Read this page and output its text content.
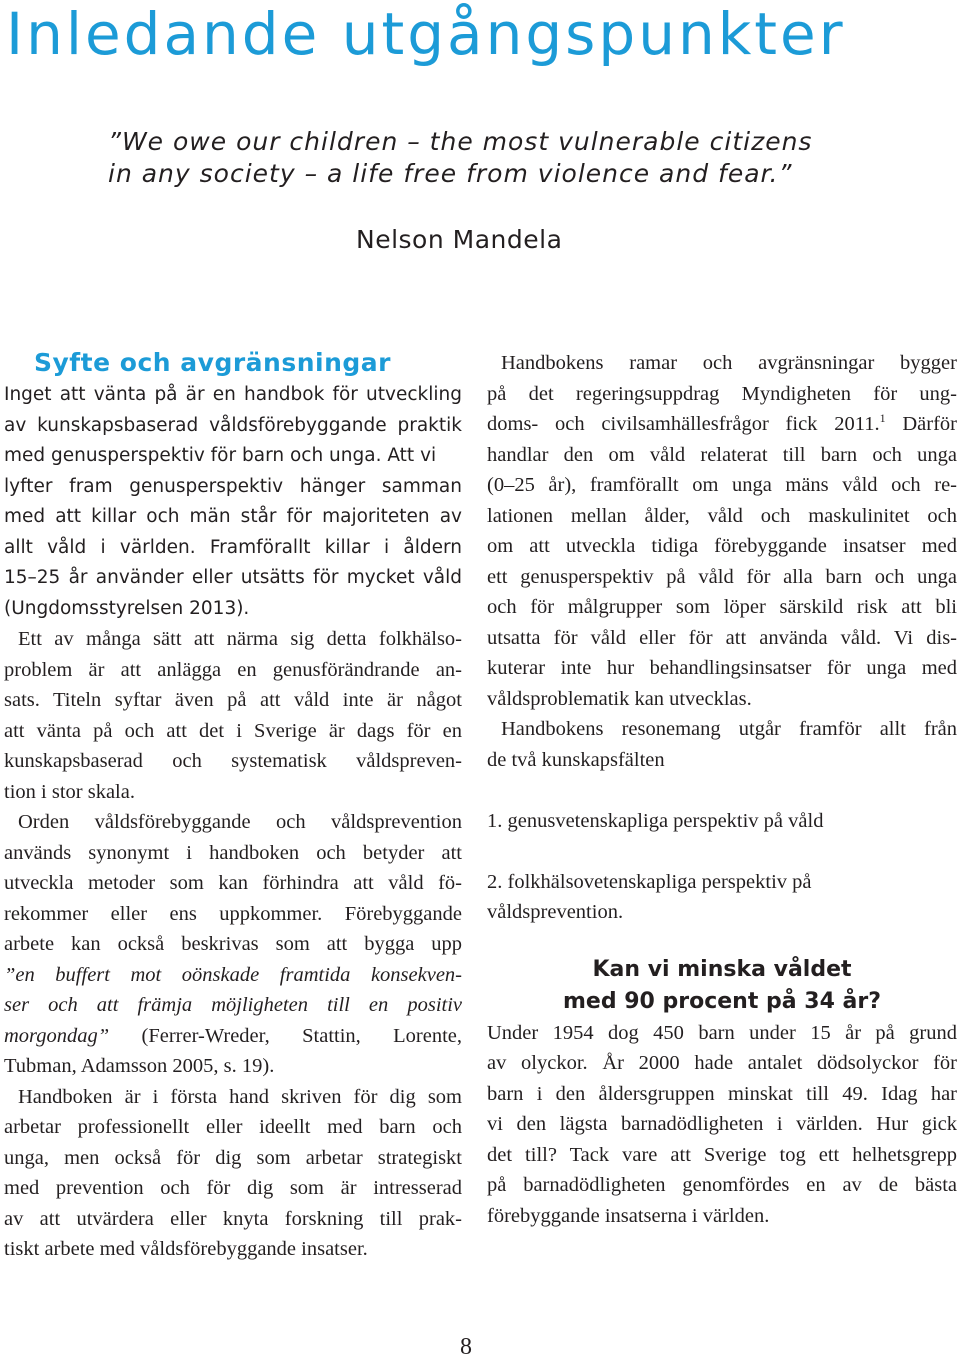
Inledande utgångspunkter
”We owe our children – the most vulnerable citizens
in any society – a life free from violence and fear.”
Nelson Mandela
Syfte och avgränsningar
Inget att vänta på är en handbok för utveckling
av kunskapsbaserad våldsförebyggande praktik
med genusperspektiv för barn och unga. Att vi
lyfter fram genusperspektiv hänger samman
med att killar och män står för majoriteten av
allt våld i världen. Framförallt killar i åldern
15–25 år använder eller utsätts för mycket våld
(Ungdomsstyrelsen 2013).
Ett av många sätt att närma sig detta folkhälso-
problem är att anlägga en genusförändrande an-
sats. Titeln syftar även på att våld inte är något
att vänta på och att det i Sverige är dags för en
kunskapsbaserad och systematisk våldspreven-
tion i stor skala.
Orden våldsförebyggande och våldsprevention
används synonymt i handboken och betyder att
utveckla metoder som kan förhindra att våld fö-
rekommer eller ens uppkommer. Förebyggande
arbete kan också beskrivas som att bygga upp
”en buffert mot oönskade framtida konsekven-
ser och att främja möjligheten till en positiv
morgondag” (Ferrer-Wreder, Stattin, Lorente,
Tubman, Adamsson 2005, s. 19).
Handboken är i första hand skriven för dig som
arbetar professionellt eller ideellt med barn och
unga, men också för dig som arbetar strategiskt
med prevention och för dig som är intresserad
av att utvärdera eller knyta forskning till prak-
tiskt arbete med våldsförebyggande insatser.
Handbokens ramar och avgränsningar bygger
på det regeringsuppdrag Myndigheten för ung-
doms- och civilsamhällesfrågor fick 2011.$^1$ Därför
handlar den om våld relaterat till barn och unga
(0–25 år), framförallt om unga mäns våld och re-
lationen mellan ålder, våld och maskulinitet och
om att utveckla tidiga förebyggande insatser med
ett genusperspektiv på våld för alla barn och unga
och för målgrupper som löper särskild risk att bli
utsatta för våld eller för att använda våld. Vi dis-
kuterar inte hur behandlingsinsatser för unga med
våldsproblematik kan utvecklas.
Handbokens resonemang utgår framför allt från
de två kunskapsfälten
1. genusvetenskapliga perspektiv på våld
2. folkhälsovetenskapliga perspektiv på
våldsprevention.
Kan vi minska våldet
med 90 procent på 34 år?
Under 1954 dog 450 barn under 15 år på grund
av olyckor. År 2000 hade antalet dödsolyckor för
barn i den åldersgruppen minskat till 49. Idag har
vi den lägsta barnadödligheten i världen. Hur gick
det till? Tack vare att Sverige tog ett helhetsgrepp
på barnadödligheten genomfördes en av de bästa
förebyggande insatserna i världen.
8
